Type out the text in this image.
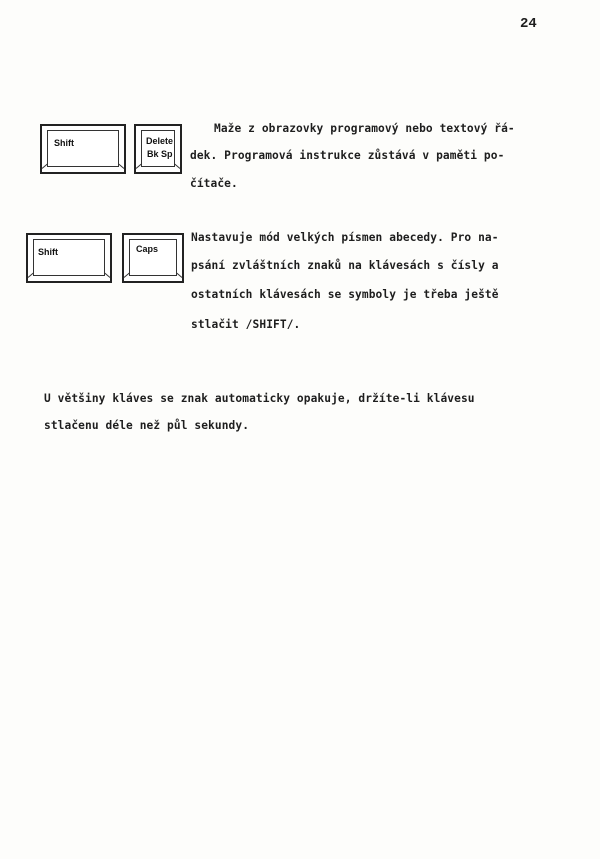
24
Shift	Delete
Bk Sp
Maže z obrazovky programový nebo textový řá-
dek. Programová instrukce zůstává v paměti po-
čítače.
Shift	Caps
Nastavuje mód velkých písmen abecedy. Pro na-
psání zvláštních znaků na klávesách s čísly a
ostatních klávesách se symboly je třeba ještě
stlačit /SHIFT/.
U většiny kláves se znak automaticky opakuje, držíte-li klávesu
stlačenu déle než půl sekundy.
